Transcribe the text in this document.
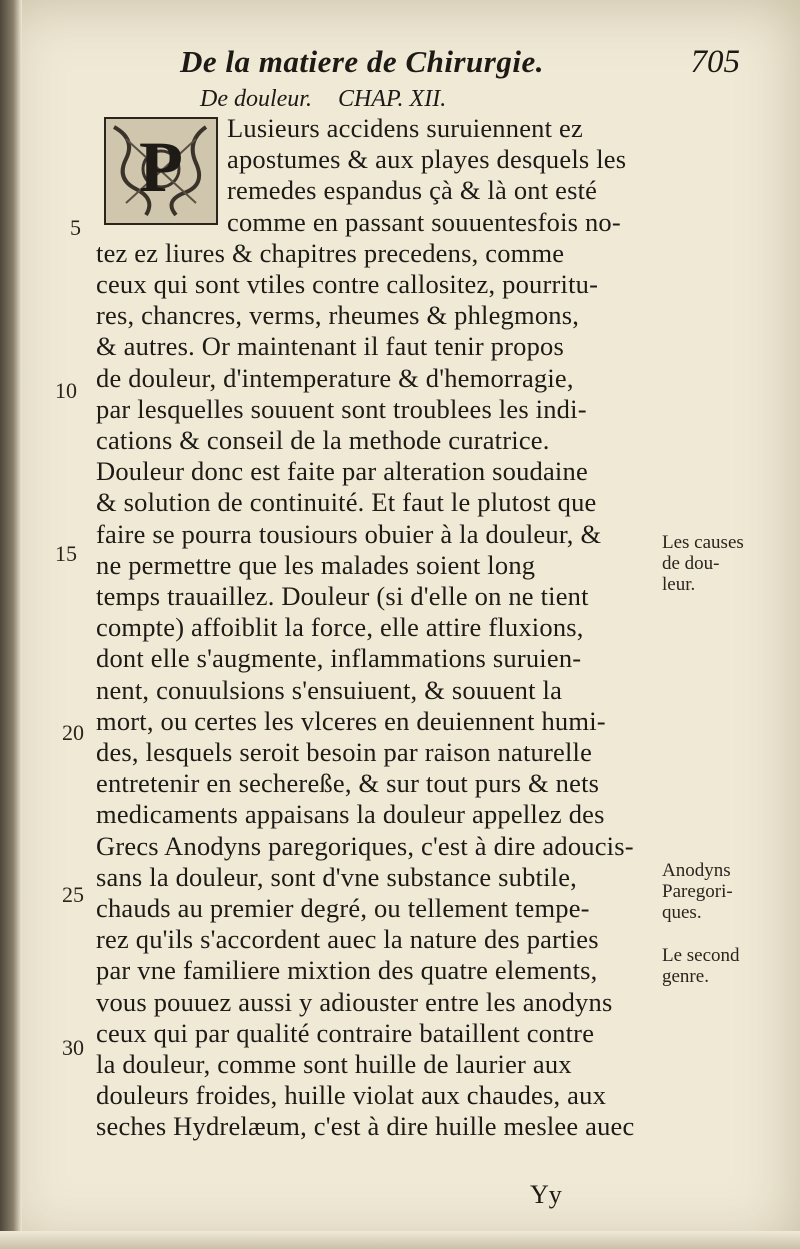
De la matiere de Chirurgie.	705
De douleur. CHAP. XII.
P Lusieurs accidens suruiennent ez
apostumes & aux playes desquels les
remedes espandus çà & là ont esté
comme en passant souuentesfois no-
tez ez liures & chapitres precedens, comme
ceux qui sont vtiles contre callositez, pourritu-
res, chancres, verms, rheumes & phlegmons,
& autres. Or maintenant il faut tenir propos
de douleur, d'intemperature & d'hemorragie,
par lesquelles souuent sont troublees les indi-
cations & conseil de la methode curatrice.
Douleur donc est faite par alteration soudaine
& solution de continuité. Et faut le plutost que
faire se pourra tousiours obuier à la douleur, &
ne permettre que les malades soient long
temps trauaillez. Douleur (si d'elle on ne tient
compte) affoiblit la force, elle attire fluxions,
dont elle s'augmente, inflammations suruien-
nent, conuulsions s'ensuiuent, & souuent la
mort, ou certes les vlceres en deuiennent humi-
des, lesquels seroit besoin par raison naturelle
entretenir en sechereße, & sur tout purs & nets
medicaments appaisans la douleur appellez des
Grecs Anodyns paregoriques, c'est à dire adoucis-
sans la douleur, sont d'vne substance subtile,
chauds au premier degré, ou tellement tempe-
rez qu'ils s'accordent auec la nature des parties
par vne familiere mixtion des quatre elements,
vous pouuez aussi y adiouster entre les anodyns
ceux qui par qualité contraire bataillent contre
la douleur, comme sont huille de laurier aux
douleurs froides, huille violat aux chaudes, aux
seches Hydrelæum, c'est à dire huille meslee auec
5
10
15
20
25
30
Les causes
de dou-
leur.
Anodyns
Paregori-
ques.
Le second
genre.
Yy
